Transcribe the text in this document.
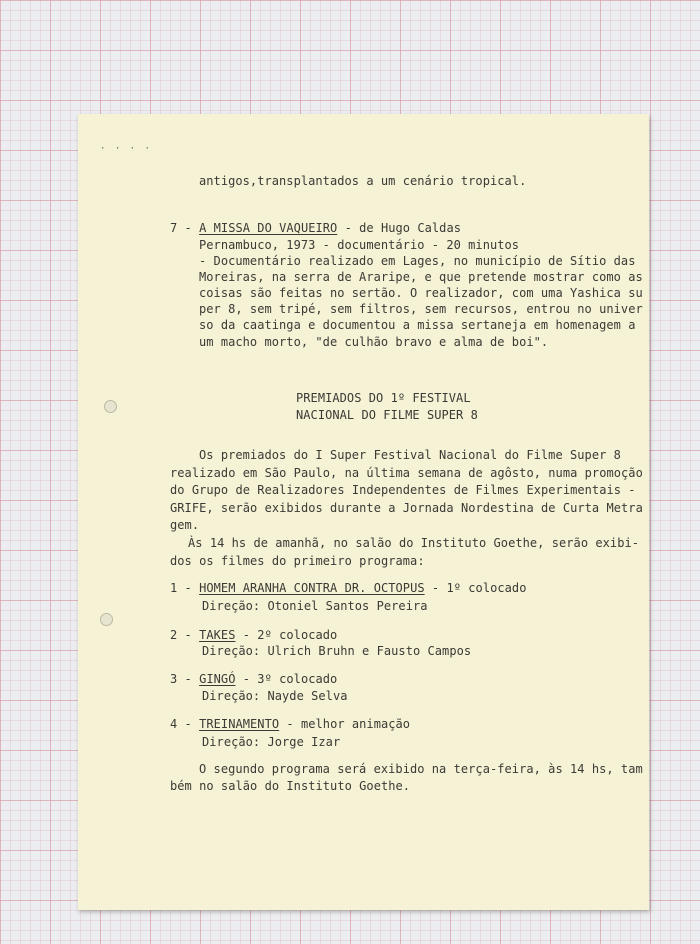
· · · ·
antigos,transplantados a um cenário tropical.
7 - A MISSA DO VAQUEIRO - de Hugo Caldas
Pernambuco, 1973 - documentário - 20 minutos
- Documentário realizado em Lages, no município de Sítio das
Moreiras, na serra de Araripe, e que pretende mostrar como as
coisas são feitas no sertão. O realizador, com uma Yashica su
per 8, sem tripé, sem filtros, sem recursos, entrou no univer
so da caatinga e documentou a missa sertaneja em homenagem a
um macho morto, "de culhão bravo e alma de boi".
PREMIADOS DO 1º FESTIVAL
NACIONAL DO FILME SUPER 8
Os premiados do I Super Festival Nacional do Filme Super 8
realizado em São Paulo, na última semana de agôsto, numa promoção
do Grupo de Realizadores Independentes de Filmes Experimentais -
GRIFE, serão exibidos durante a Jornada Nordestina de Curta Metra
gem.
Às 14 hs de amanhã, no salão do Instituto Goethe, serão exibi-
dos os filmes do primeiro programa:
1 - HOMEM ARANHA CONTRA DR. OCTOPUS - 1º colocado
Direção: Otoniel Santos Pereira
2 - TAKES - 2º colocado
Direção: Ulrich Bruhn e Fausto Campos
3 - GINGÓ - 3º colocado
Direção: Nayde Selva
4 - TREINAMENTO - melhor animação
Direção: Jorge Izar
O segundo programa será exibido na terça-feira, às 14 hs, tam
bém no salão do Instituto Goethe.
